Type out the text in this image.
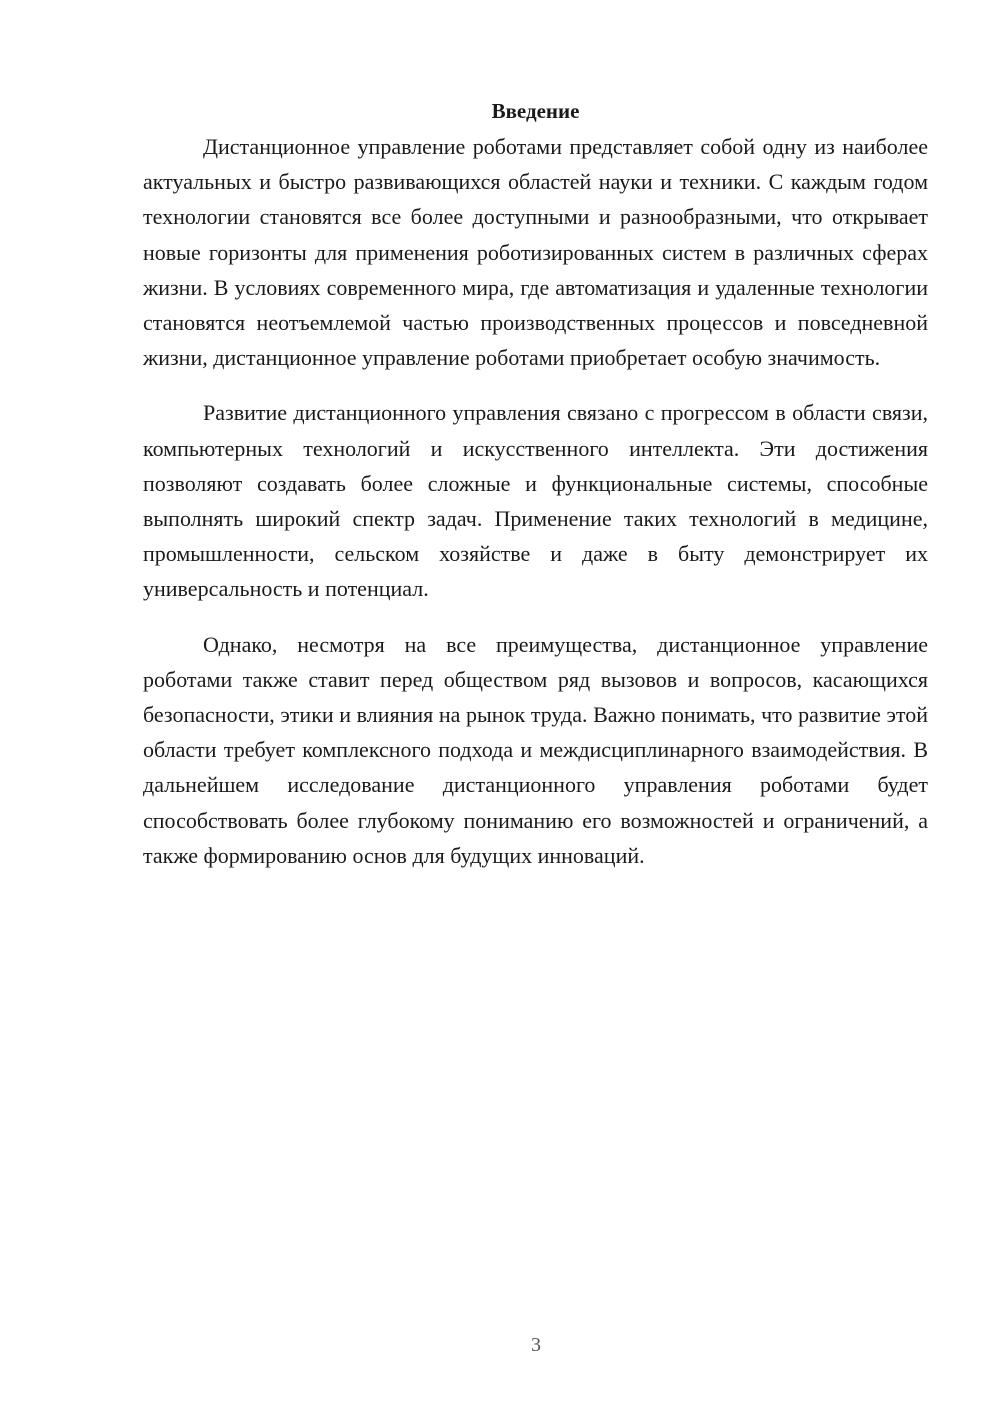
Введение

Дистанционное управление роботами представляет собой одну из наиболее актуальных и быстро развивающихся областей науки и техники. С каждым годом технологии становятся все более доступными и разнообразными, что открывает новые горизонты для применения роботизированных систем в различных сферах жизни. В условиях современного мира, где автоматизация и удаленные технологии становятся неотъемлемой частью производственных процессов и повседневной жизни, дистанционное управление роботами приобретает особую значимость.

Развитие дистанционного управления связано с прогрессом в области связи, компьютерных технологий и искусственного интеллекта. Эти достижения позволяют создавать более сложные и функциональные системы, способные выполнять широкий спектр задач. Применение таких технологий в медицине, промышленности, сельском хозяйстве и даже в быту демонстрирует их универсальность и потенциал.

Однако, несмотря на все преимущества, дистанционное управление роботами также ставит перед обществом ряд вызовов и вопросов, касающихся безопасности, этики и влияния на рынок труда. Важно понимать, что развитие этой области требует комплексного подхода и междисциплинарного взаимодействия. В дальнейшем исследование дистанционного управления роботами будет способствовать более глубокому пониманию его возможностей и ограничений, а также формированию основ для будущих инноваций.

3
